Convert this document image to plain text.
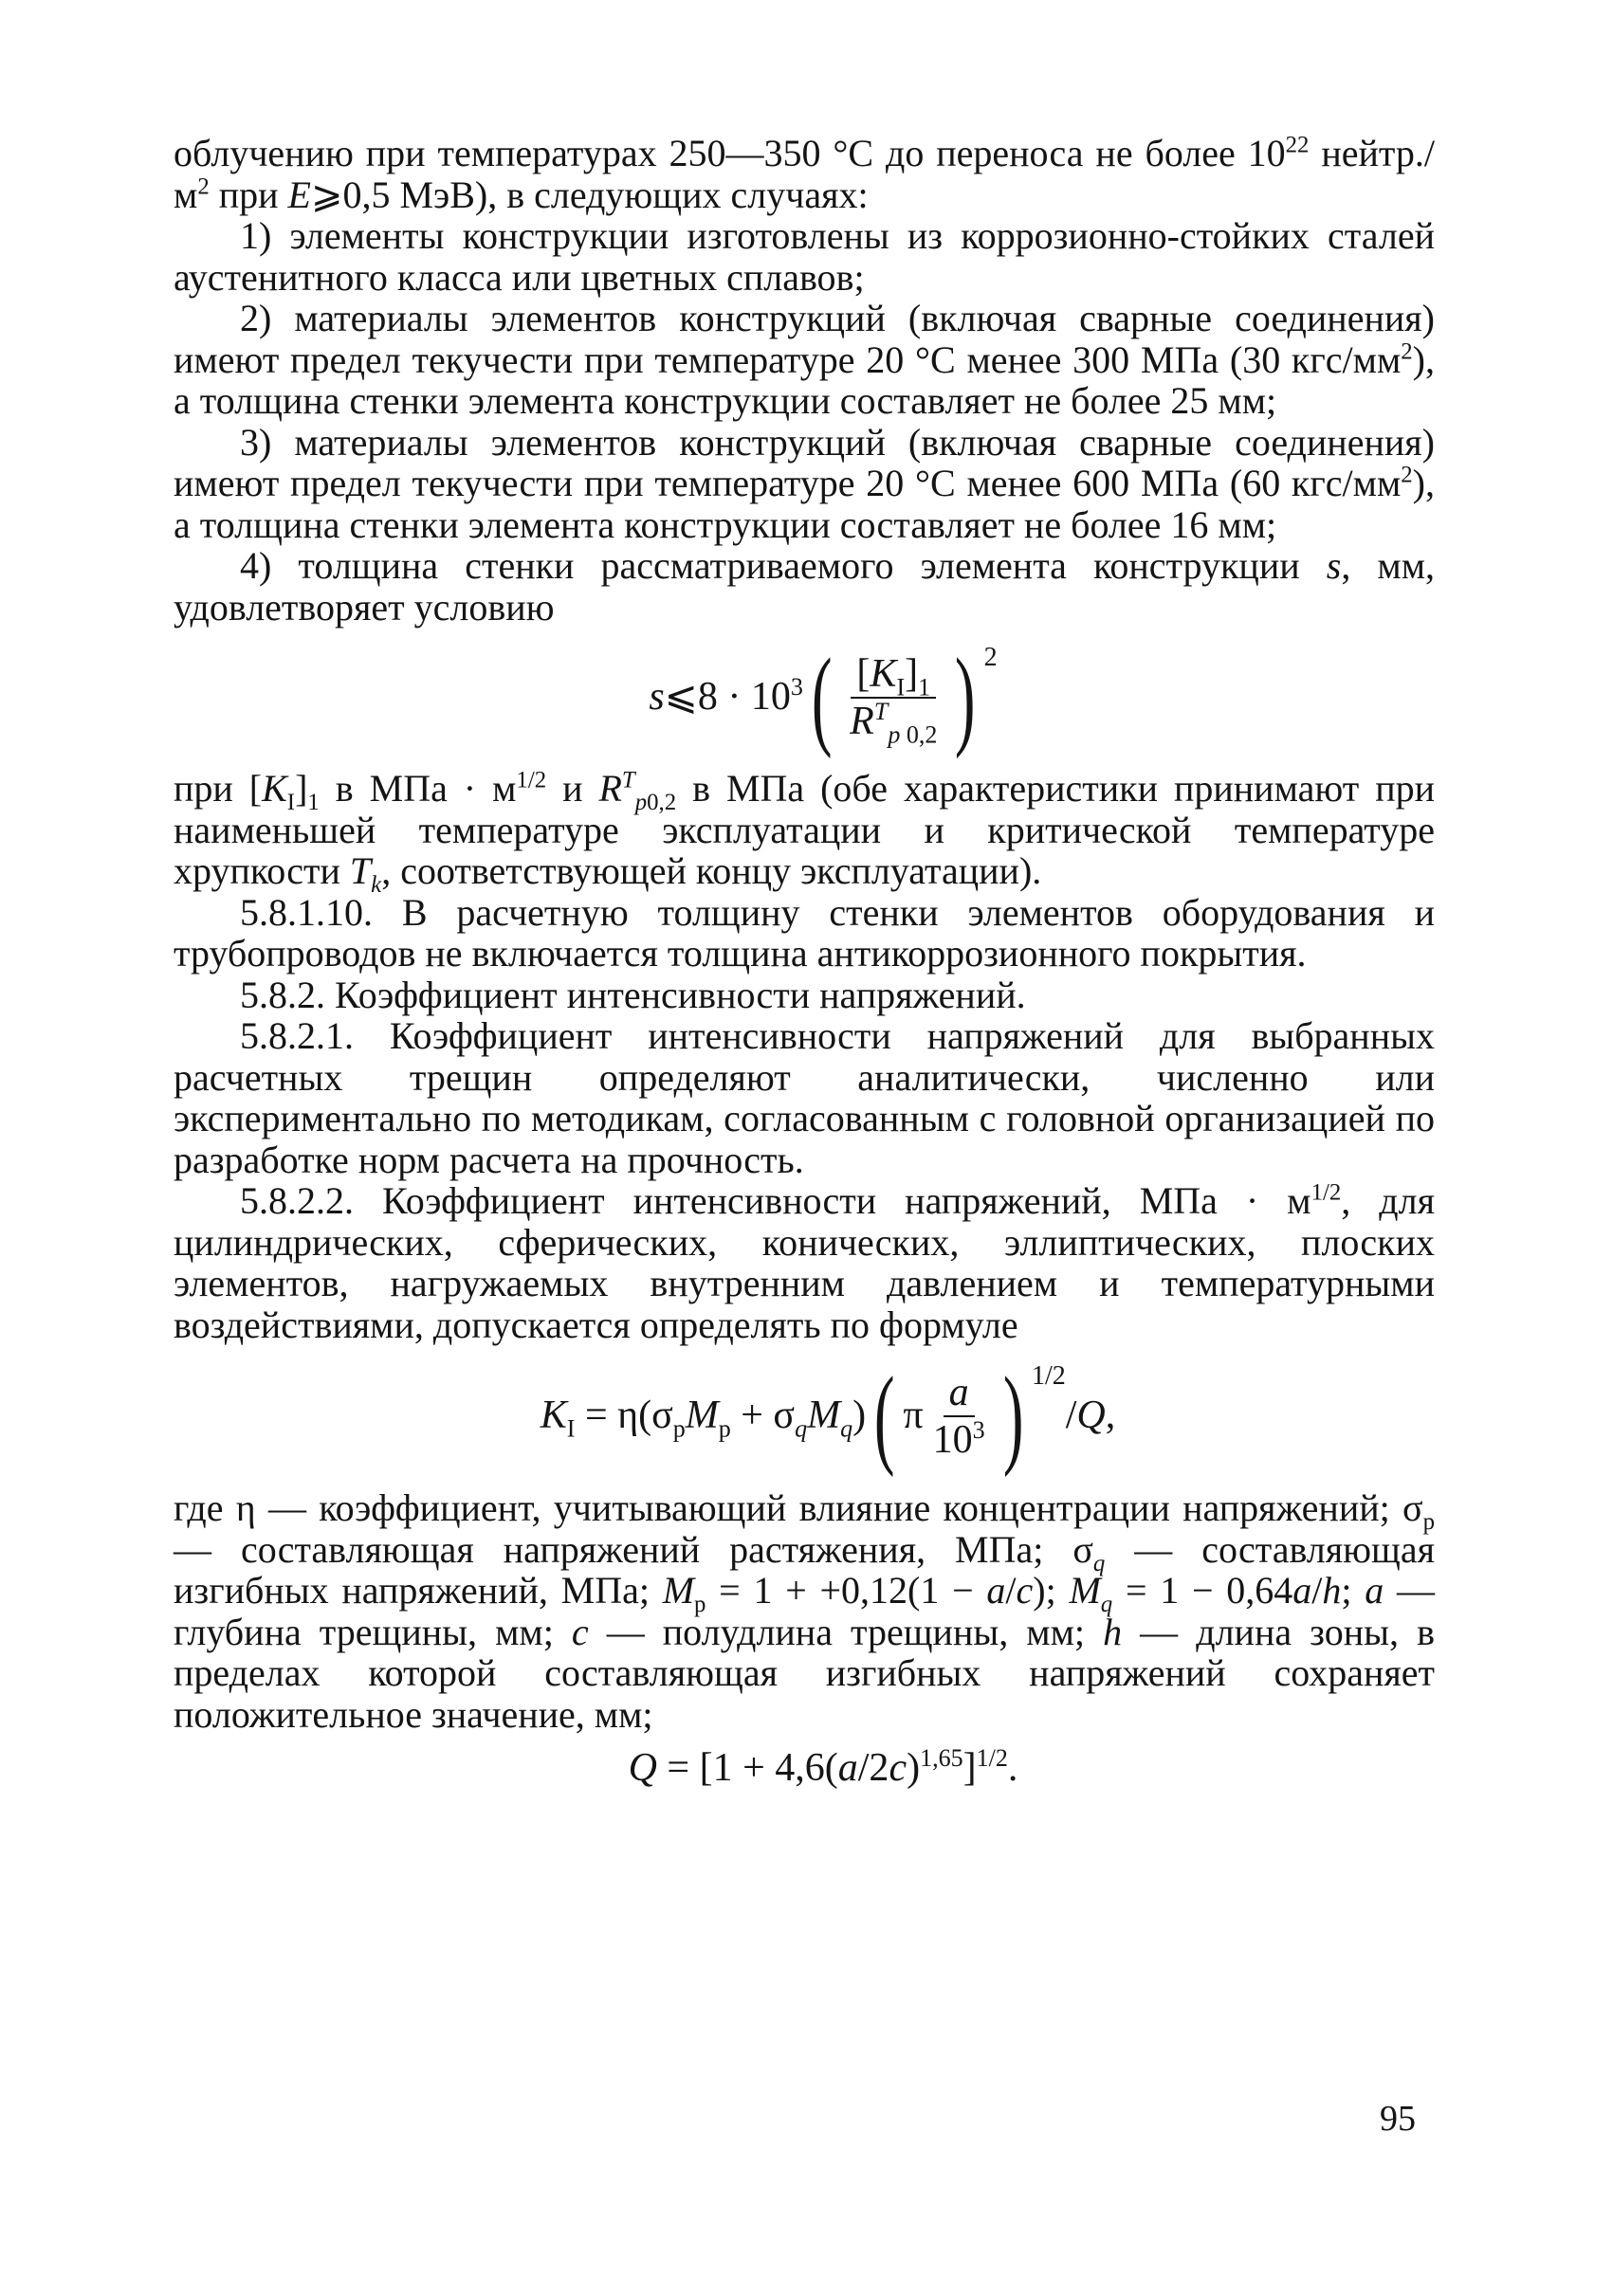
облучению при температурах 250—350 °С до переноса не более $10^{22}$ $нейтр./м^2$ при E⩾0,5 МэВ), в следующих случаях:

1) элементы конструкции изготовлены из коррозионно-стойких сталей аустенитного класса или цветных сплавов;

2) материалы элементов конструкций (включая сварные соединения) имеют предел текучести при температуре 20 °С менее 300 МПа (30 кгс/$мм^2$), а толщина стенки элемента конструкции составляет не более 25 мм;

3) материалы элементов конструкций (включая сварные соединения) имеют предел текучести при температуре 20 °С менее 600 МПа (60 кгс/$мм^2$), а толщина стенки элемента конструкции составляет не более 16 мм;

4) толщина стенки рассматриваемого элемента конструкции s, мм, удовлетворяет условию

s⩽8 · $10^3$ ( $\frac{[K_I]_1}{R^T_{p 0,2}}$ ) 2

при $[K_I]_1$ в МПа · $м^{1/2}$ и $R^T_{p0,2}$ в МПа (обе характеристики принимают при наименьшей температуре эксплуатации и критической температуре хрупкости $T_k$, соответствующей концу эксплуатации).

5.8.1.10. В расчетную толщину стенки элементов оборудования и трубопроводов не включается толщина антикоррозионного покрытия.

5.8.2. Коэффициент интенсивности напряжений.

5.8.2.1. Коэффициент интенсивности напряжений для выбранных расчетных трещин определяют аналитически, численно или экспериментально по методикам, согласованным с головной организацией по разработке норм расчета на прочность.

5.8.2.2. Коэффициент интенсивности напряжений, МПа · $м^{1/2}$, для цилиндрических, сферических, конических, эллиптических, плоских элементов, нагружаемых внутренним давлением и температурными воздействиями, допускается определять по формуле

$K_I = \eta(\sigma_рM_р + \sigma_qM_q)$ ( π $\frac{a}{10^3}$ ) 1/2
/Q,

где η — коэффициент, учитывающий влияние концентрации напряжений; $\sigma_р$ — составляющая напряжений растяжения, МПа; $\sigma_q$ — составляющая изгибных напряжений, МПа; $M_р = 1 + +0,12(1 - a/c)$; $M_q = 1 - 0,64a/h$; a — глубина трещины, мм; c — полудлина трещины, мм; h — длина зоны, в пределах которой составляющая изгибных напряжений сохраняет положительное значение, мм;

$Q = [1 + 4,6(a/2c)^{1,65}]^{1/2}$.
95
